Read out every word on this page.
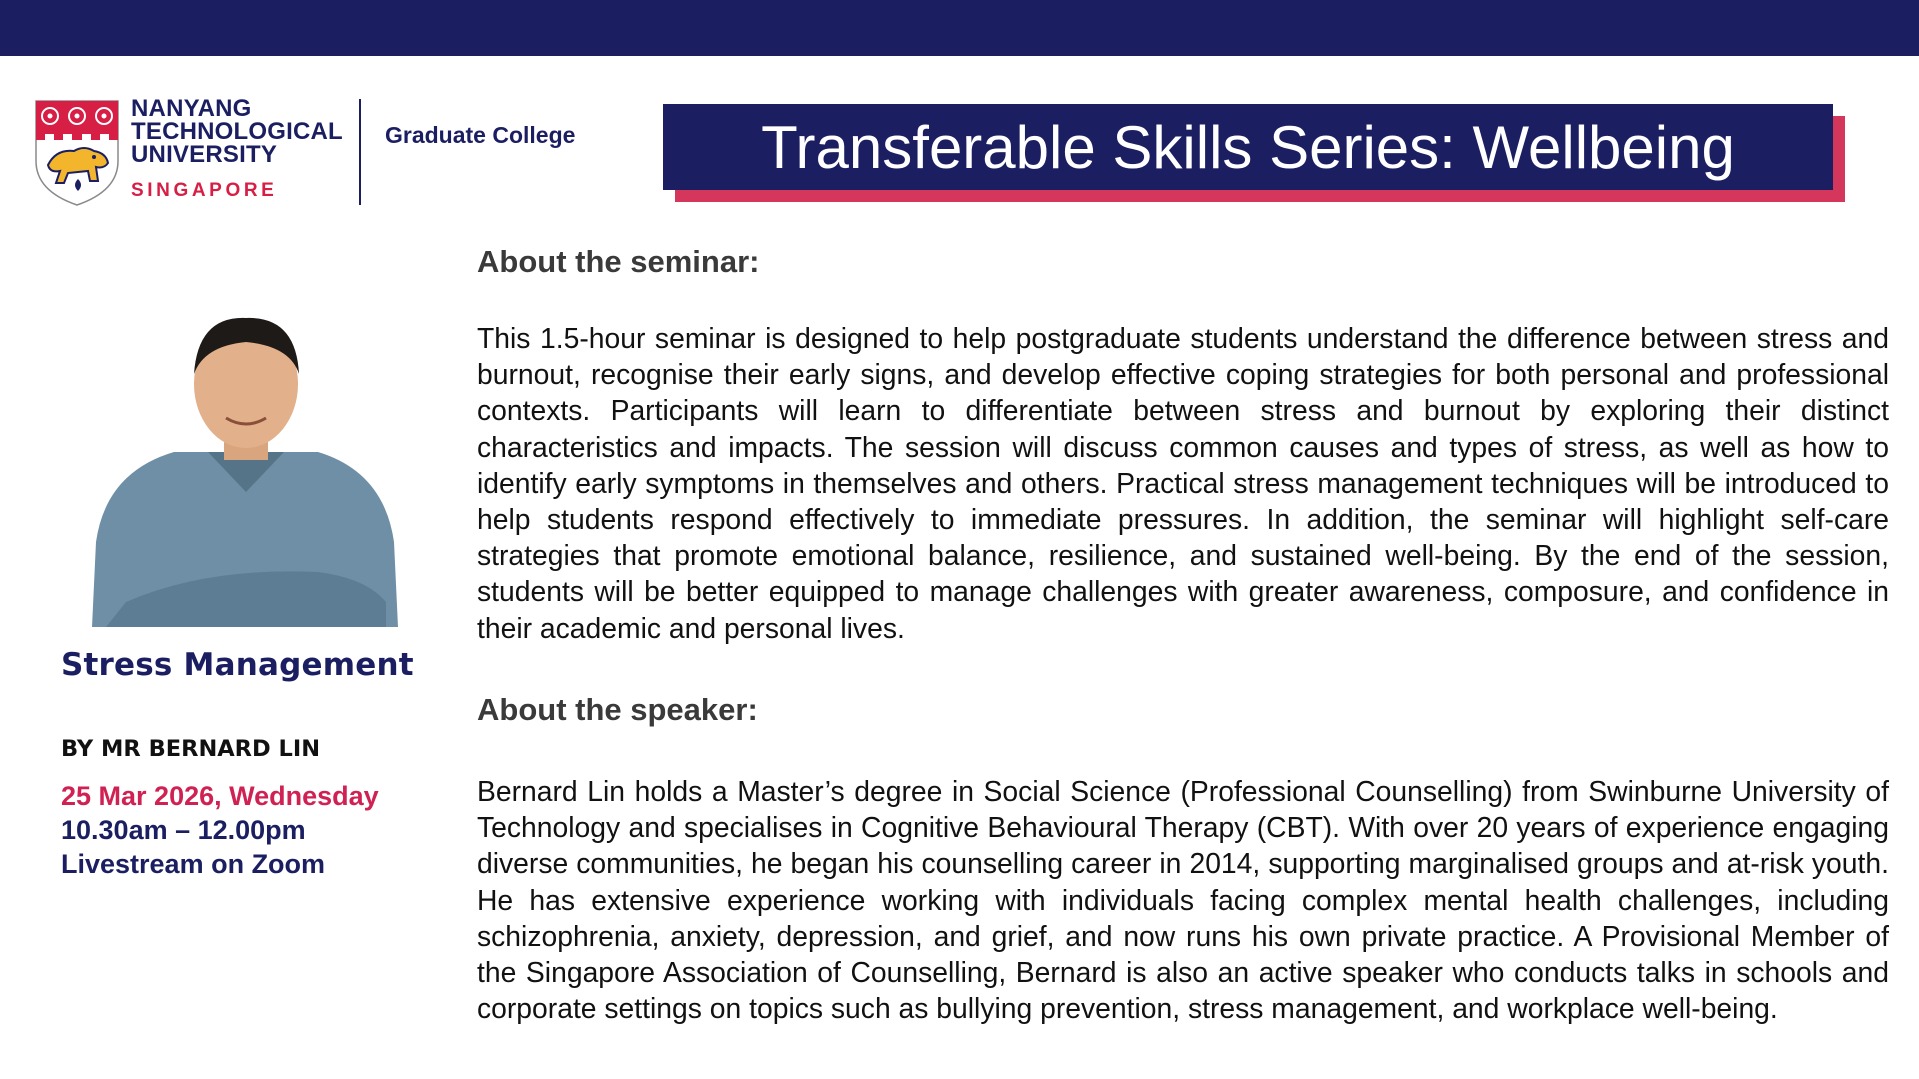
NANYANG
TECHNOLOGICAL
UNIVERSITY
SINGAPORE
Graduate College	Transferable Skills Series: Wellbeing
Stress Management
BY MR BERNARD LIN
25 Mar 2026, Wednesday
10.30am – 12.00pm
Livestream on Zoom
About the seminar:
This 1.5-hour seminar is designed to help postgraduate students understand the difference between stress and burnout, recognise their early signs, and develop effective coping strategies for both personal and professional contexts. Participants will learn to differentiate between stress and burnout by exploring their distinct characteristics and impacts. The session will discuss common causes and types of stress, as well as how to identify early symptoms in themselves and others. Practical stress management techniques will be introduced to help students respond effectively to immediate pressures. In addition, the seminar will highlight self-care strategies that promote emotional balance, resilience, and sustained well-being. By the end of the session, students will be better equipped to manage challenges with greater awareness, composure, and confidence in their academic and personal lives.
About the speaker:
Bernard Lin holds a Master’s degree in Social Science (Professional Counselling) from Swinburne University of Technology and specialises in Cognitive Behavioural Therapy (CBT). With over 20 years of experience engaging diverse communities, he began his counselling career in 2014, supporting marginalised groups and at-risk youth. He has extensive experience working with individuals facing complex mental health challenges, including schizophrenia, anxiety, depression, and grief, and now runs his own private practice. A Provisional Member of the Singapore Association of Counselling, Bernard is also an active speaker who conducts talks in schools and corporate settings on topics such as bullying prevention, stress management, and workplace well-being.
